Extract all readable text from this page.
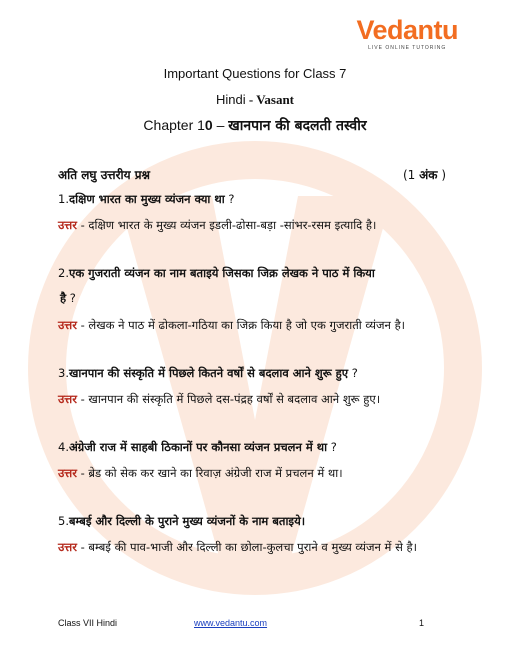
Vedantu
LIVE ONLINE TUTORING
Important Questions for Class 7
Hindi - Vasant
Chapter 10 – खानपान की बदलती तस्वीर
अति लघु उत्तरीय प्रश्न	(1 अंक )
1.दक्षिण भारत का मुख्य व्यंजन क्या था ?
उत्तर - दक्षिण भारत के मुख्य व्यंजन इडली-ढोसा-बड़ा -सांभर-रसम इत्यादि है।
2.एक गुजराती व्यंजन का नाम बताइये जिसका जिक्र लेखक ने पाठ में किया
है ?
उत्तर - लेखक ने पाठ में ढोकला-गठिया का जिक्र किया है जो एक गुजराती व्यंजन है।
3.खानपान की संस्कृति में पिछले कितने वर्षों से बदलाव आने शुरू हुए ?
उत्तर - खानपान की संस्कृति में पिछले दस-पंद्रह वर्षों से बदलाव आने शुरू हुए।
4.अंग्रेजी राज में साहबी ठिकानों पर कौनसा व्यंजन प्रचलन में था ?
उत्तर - ब्रेड को सेक कर खाने का रिवाज़ अंग्रेजी राज में प्रचलन में था।
5.बम्बई और दिल्ली के पुराने मुख्य व्यंजनों के नाम बताइये।
उत्तर - बम्बई की पाव-भाजी और दिल्ली का छोला-कुलचा पुराने व मुख्य व्यंजन में से है।
Class VII Hindi	www.vedantu.com	1
